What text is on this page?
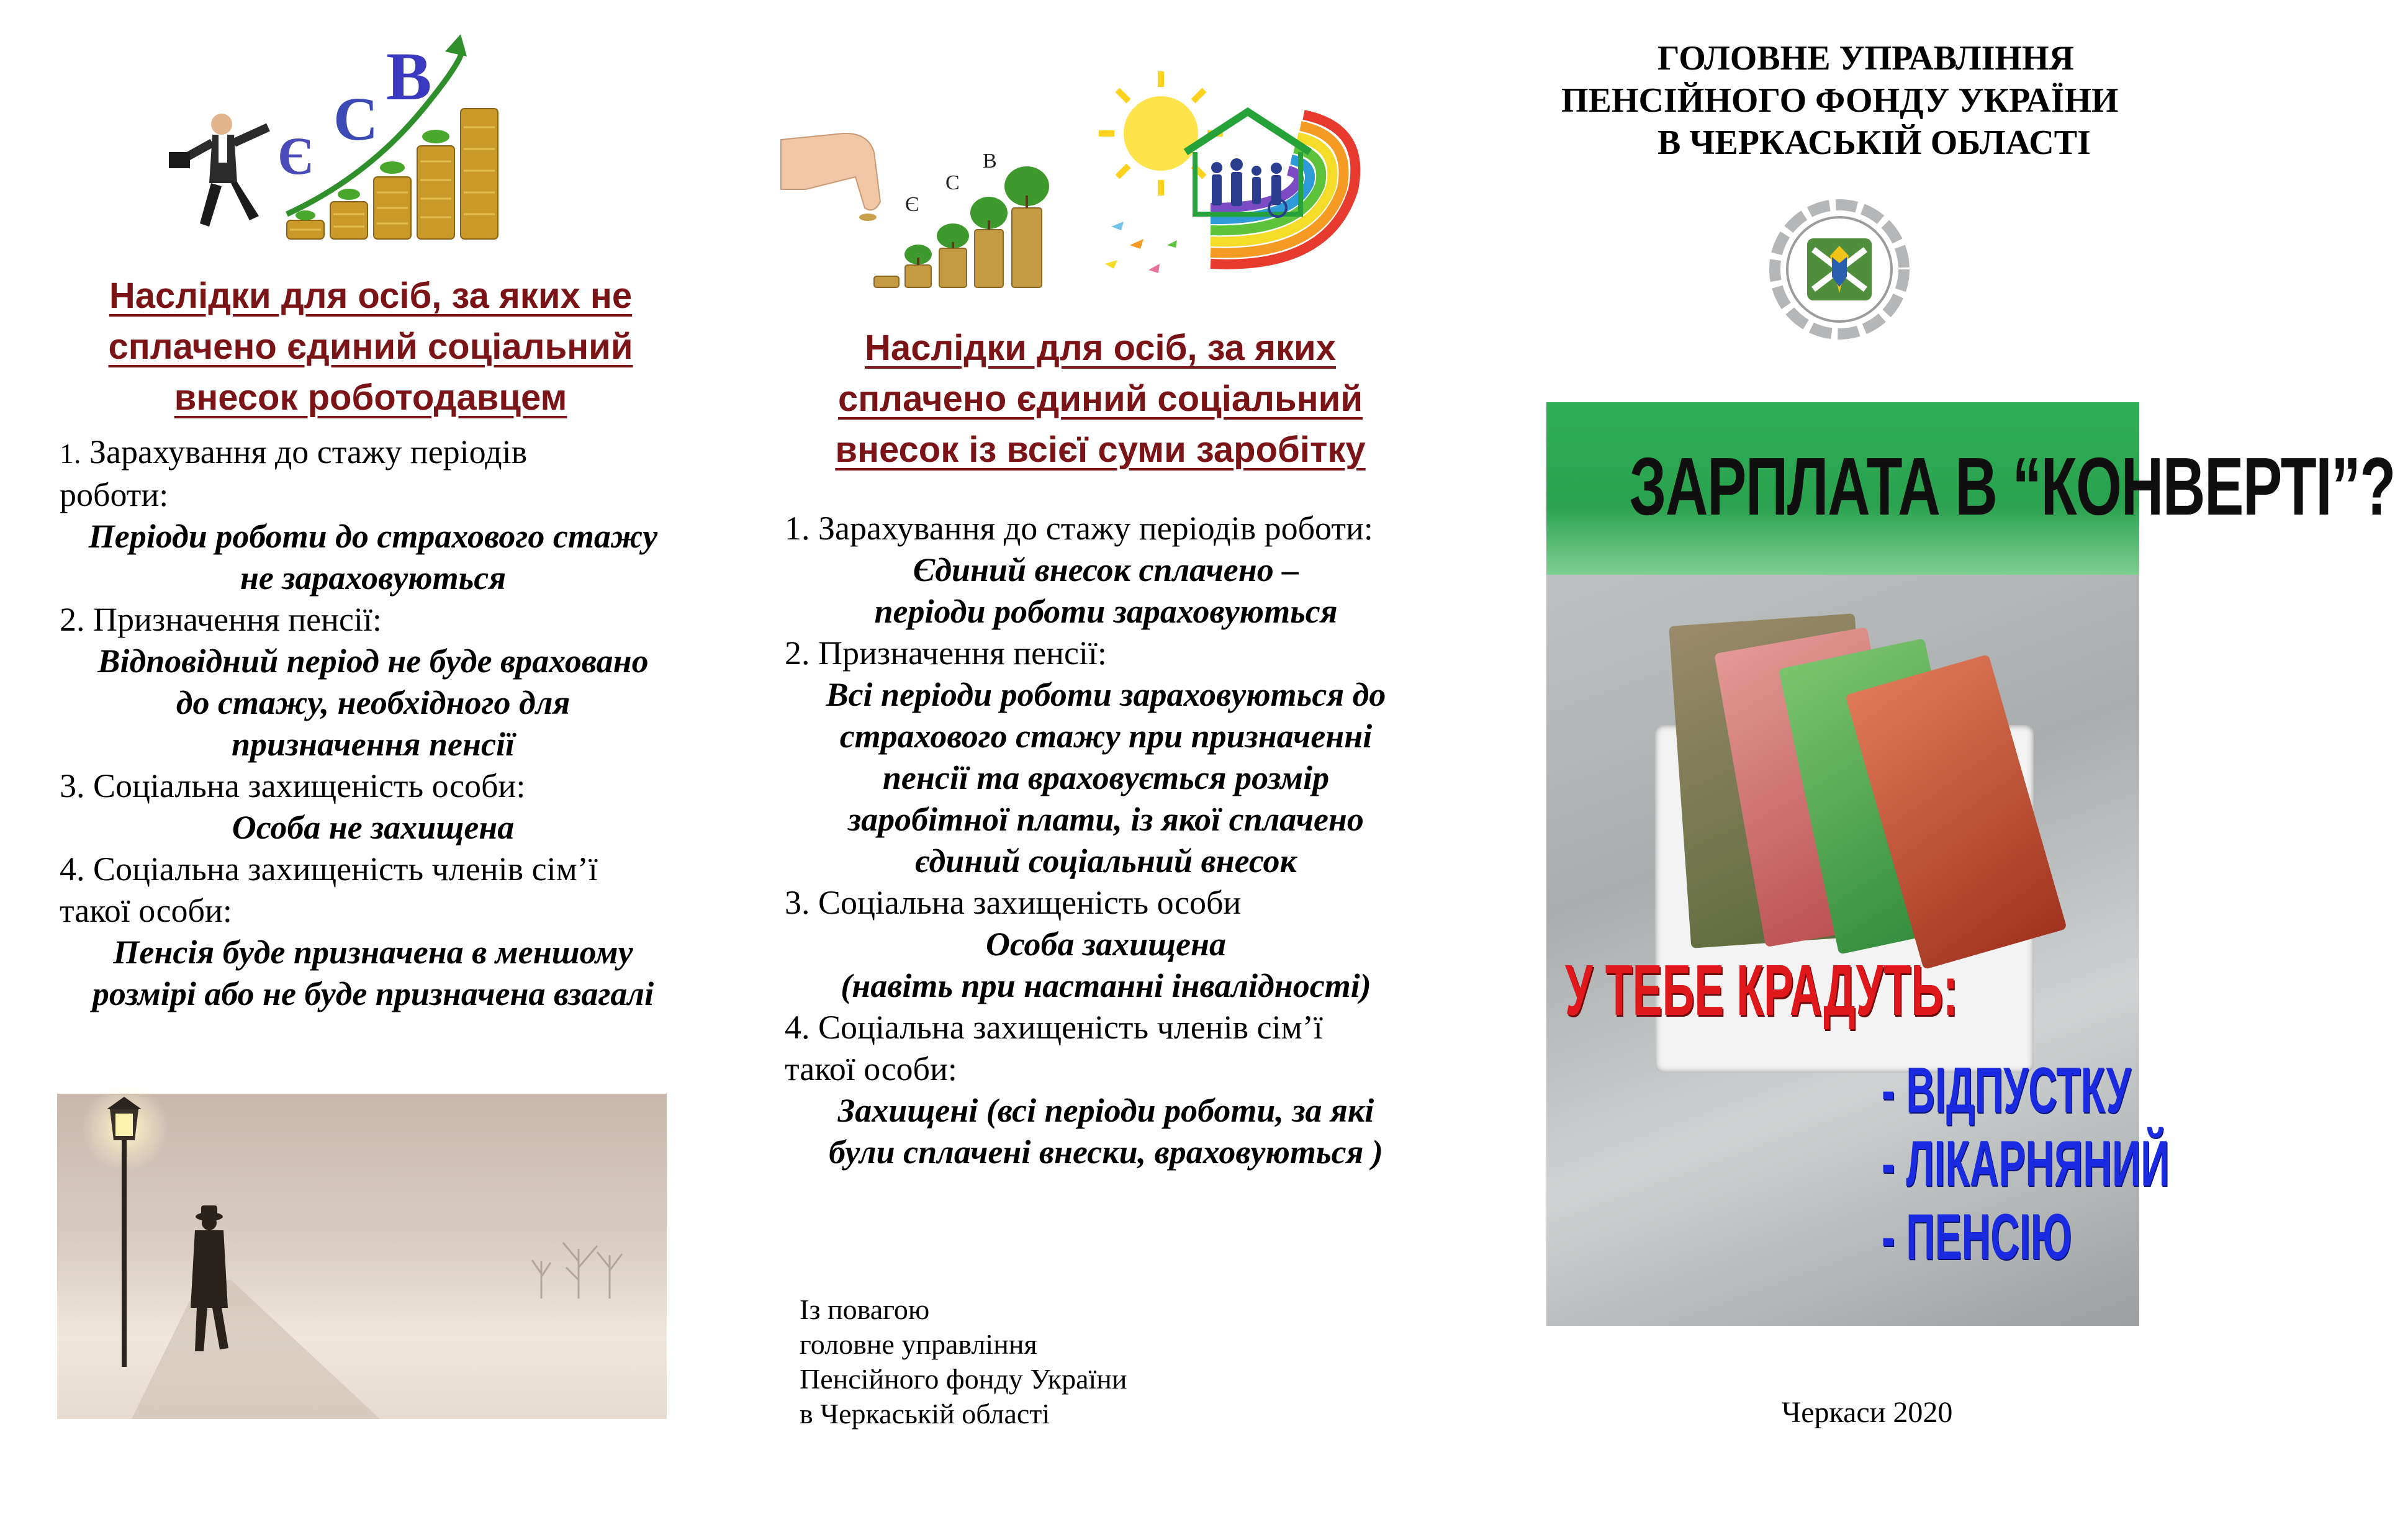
Є
C
B
Наслідки для осіб, за яких не
сплачено єдиний соціальний
внесок роботодавцем
1. Зарахування до стажу періодів
роботи:
Періоди роботи до страхового стажу
не зараховуються
2. Призначення пенсії:
Відповідний період не буде враховано
до стажу, необхідного для
призначення пенсії
3. Соціальна захищеність особи:
Особа не захищена
4. Соціальна захищеність членів сім’ї
такої особи:
Пенсія буде призначена в меншому
розмірі або не буде призначена взагалі
Є
С
В
Наслідки для осіб, за яких
сплачено єдиний соціальний
внесок із всієї суми заробітку
1. Зарахування до стажу періодів роботи:
Єдиний внесок сплачено –
періоди роботи зараховуються
2. Призначення пенсії:
Всі періоди роботи зараховуються до
страхового стажу при призначенні
пенсії та враховується розмір
заробітної плати, із якої сплачено
єдиний соціальний внесок
3. Соціальна захищеність особи
Особа захищена
(навіть при настанні інвалідності)
4. Соціальна захищеність членів сім’ї
такої особи:
Захищені (всі періоди роботи, за які
були сплачені внески, враховуються )
Із повагою
головне управління
Пенсійного фонду України
в Черкаській області
ГОЛОВНЕ УПРАВЛІННЯ
ПЕНСІЙНОГО ФОНДУ УКРАЇНИ
В ЧЕРКАСЬКІЙ ОБЛАСТІ
ЗАРПЛАТА В “КОНВЕРТІ”?
У ТЕБЕ КРАДУТЬ:
- ВІДПУСТКУ
- ЛІКАРНЯНИЙ
- ПЕНСІЮ
Черкаси 2020
